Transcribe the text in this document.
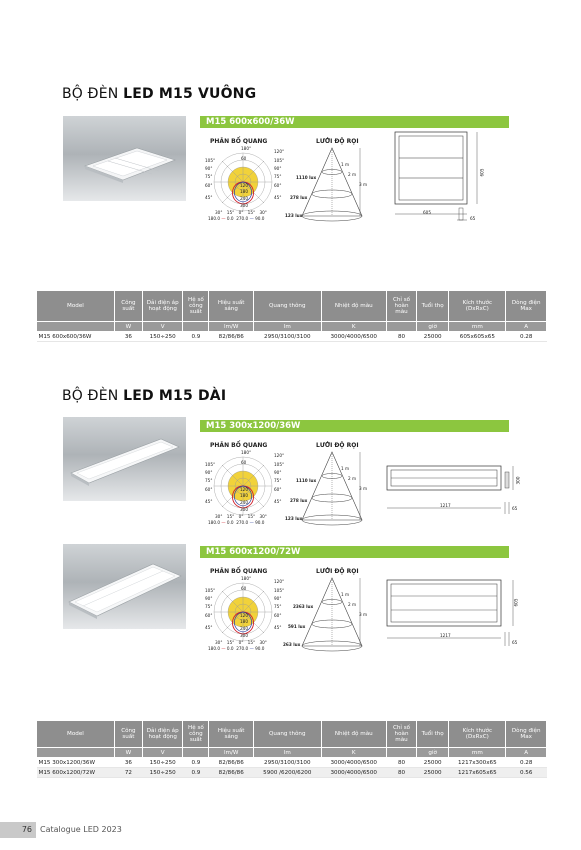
BỘ ĐÈN LED M15 VUÔNG
M15 600x600/36W
PHÂN BỐ QUANG	LƯỚI ĐỘ RỌI
180°
105°
90°
75°
60°
45°
120°
105°
90°
75°
60°
45°
60
120
180
240
300
30° 15° 0° 15° 30°
180.0 — 0.0 270.0 — 90.0
1110 lux
278 lux
123 lux
1 m
2 m
3 m
605
605
65
Model	Công suất	Dải điện áp hoạt động	Hệ số công suất	Hiệu suất sáng	Quang thông	Nhiệt độ màu	Chỉ số hoàn màu	Tuổi thọ	Kích thước (DxRxC)	Dòng điện Max
	W	V		lm/W	lm	K		giờ	mm	A
M15 600x600/36W	36	150÷250	0.9	82/86/86	2950/3100/3100	3000/4000/6500	80	25000	605x605x65	0.28
BỘ ĐÈN LED M15 DÀI
M15 300x1200/36W
PHÂN BỐ QUANG	LƯỚI ĐỘ RỌI
180°
105°
90°
75°
60°
45°
120°
105°
90°
75°
60°
45°
60
120
180
240
300
30° 15° 0° 15° 30°
180.0 — 0.0 270.0 — 90.0
1110 lux
278 lux
123 lux
1 m
2 m
3 m
1217
300
65
M15 600x1200/72W
PHÂN BỐ QUANG	LƯỚI ĐỘ RỌI
180°
105°
90°
75°
60°
45°
120°
105°
90°
75°
60°
45°
60
120
180
240
300
30° 15° 0° 15° 30°
180.0 — 0.0 270.0 — 90.0
2363 lux
591 lux
263 lux
1 m
2 m
3 m
1217
605
65
Model	Công suất	Dải điện áp hoạt động	Hệ số công suất	Hiệu suất sáng	Quang thông	Nhiệt độ màu	Chỉ số hoàn màu	Tuổi thọ	Kích thước (DxRxC)	Dòng điện Max
	W	V		lm/W	lm	K		giờ	mm	A
M15 300x1200/36W	36	150÷250	0.9	82/86/86	2950/3100/3100	3000/4000/6500	80	25000	1217x300x65	0.28
M15 600x1200/72W	72	150÷250	0.9	82/86/86	5900 /6200/6200	3000/4000/6500	80	25000	1217x605x65	0.56
76	Catalogue LED 2023
